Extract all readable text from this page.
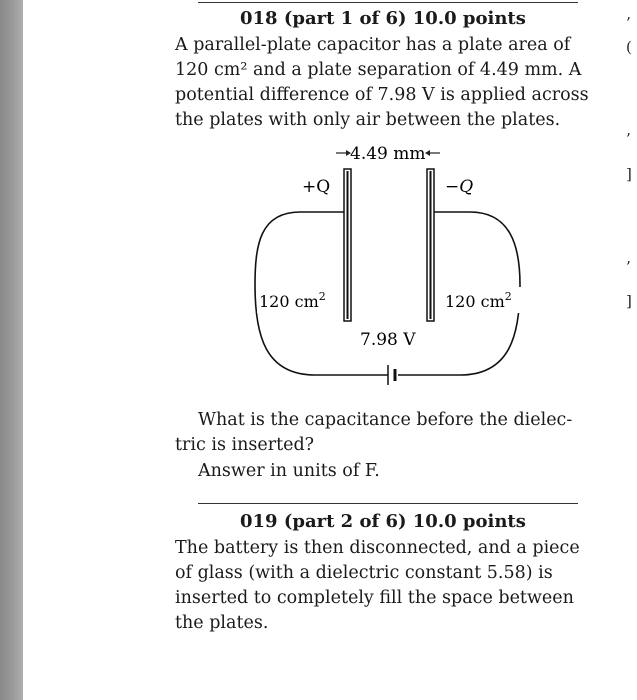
018 (part 1 of 6) 10.0 points
A parallel-plate capacitor has a plate area of
120 cm² and a plate separation of 4.49 mm. A
potential difference of 7.98 V is applied across
the plates with only air between the plates.
4.49 mm
+Q	−Q
120 $cm^2$	120 $cm^2$
7.98 V
What is the capacitance before the dielec-
tric is inserted?
Answer in units of F.
019 (part 2 of 6) 10.0 points
The battery is then disconnected, and a piece
of glass (with a dielectric constant 5.58) is
inserted to completely fill the space between
the plates.
’
(
’
]
’
]
